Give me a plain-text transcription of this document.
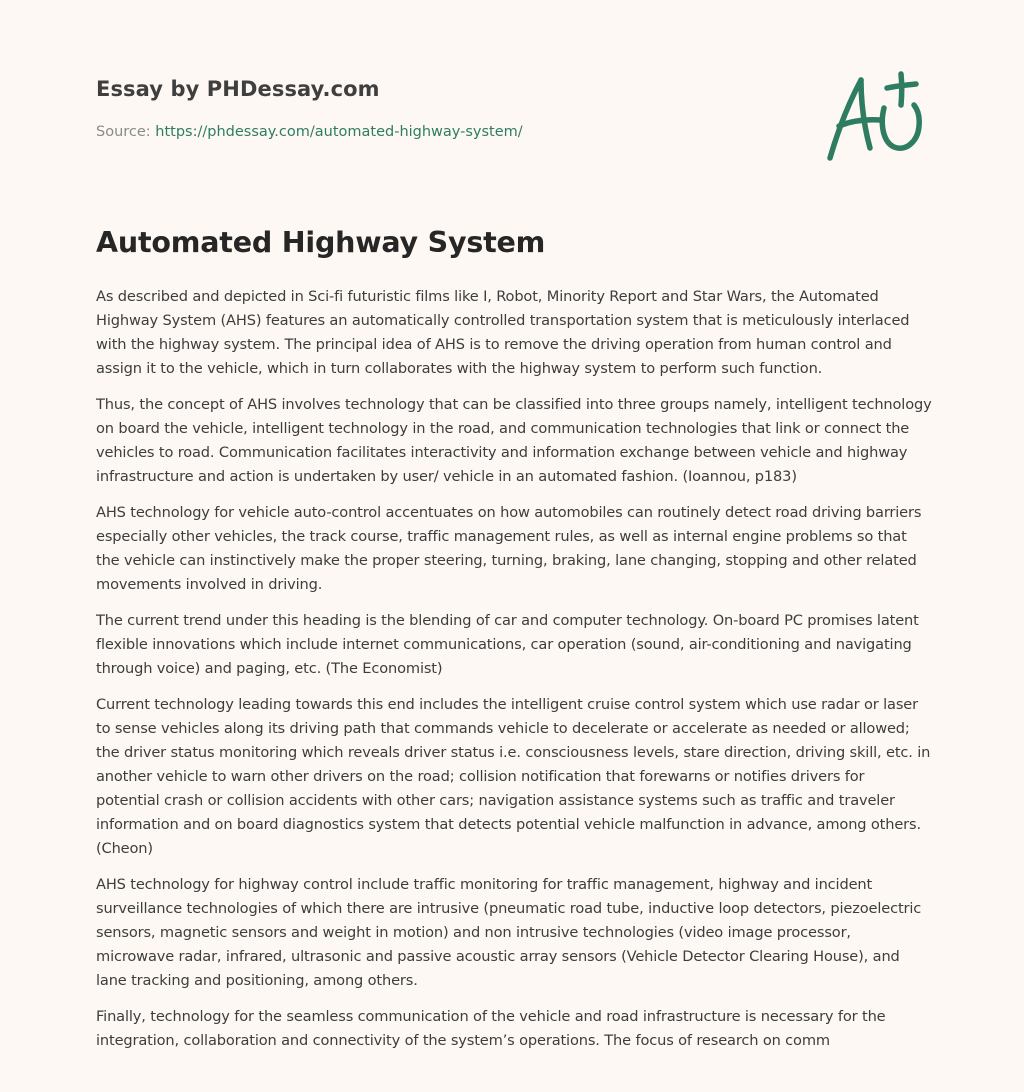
Essay by PHDessay.com

Source: https://phdessay.com/automated-highway-system/

Automated Highway System

As described and depicted in Sci-fi futuristic films like I, Robot, Minority Report and Star Wars, the Automated Highway System (AHS) features an automatically controlled transportation system that is meticulously interlaced with the highway system. The principal idea of AHS is to remove the driving operation from human control and assign it to the vehicle, which in turn collaborates with the highway system to perform such function.

Thus, the concept of AHS involves technology that can be classified into three groups namely, intelligent technology on board the vehicle, intelligent technology in the road, and communication technologies that link or connect the vehicles to road. Communication facilitates interactivity and information exchange between vehicle and highway infrastructure and action is undertaken by user/ vehicle in an automated fashion. (Ioannou, p183)

AHS technology for vehicle auto-control accentuates on how automobiles can routinely detect road driving barriers especially other vehicles, the track course, traffic management rules, as well as internal engine problems so that the vehicle can instinctively make the proper steering, turning, braking, lane changing, stopping and other related movements involved in driving.

The current trend under this heading is the blending of car and computer technology. On-board PC promises latent flexible innovations which include internet communications, car operation (sound, air-conditioning and navigating through voice) and paging, etc. (The Economist)

Current technology leading towards this end includes the intelligent cruise control system which use radar or laser to sense vehicles along its driving path that commands vehicle to decelerate or accelerate as needed or allowed; the driver status monitoring which reveals driver status i.e. consciousness levels, stare direction, driving skill, etc. in another vehicle to warn other drivers on the road; collision notification that forewarns or notifies drivers for potential crash or collision accidents with other cars; navigation assistance systems such as traffic and traveler information and on board diagnostics system that detects potential vehicle malfunction in advance, among others. (Cheon)

AHS technology for highway control include traffic monitoring for traffic management, highway and incident surveillance technologies of which there are intrusive (pneumatic road tube, inductive loop detectors, piezoelectric sensors, magnetic sensors and weight in motion) and non intrusive technologies (video image processor, microwave radar, infrared, ultrasonic and passive acoustic array sensors (Vehicle Detector Clearing House), and lane tracking and positioning, among others.

Finally, technology for the seamless communication of the vehicle and road infrastructure is necessary for the integration, collaboration and connectivity of the system’s operations. The focus of research on comm
